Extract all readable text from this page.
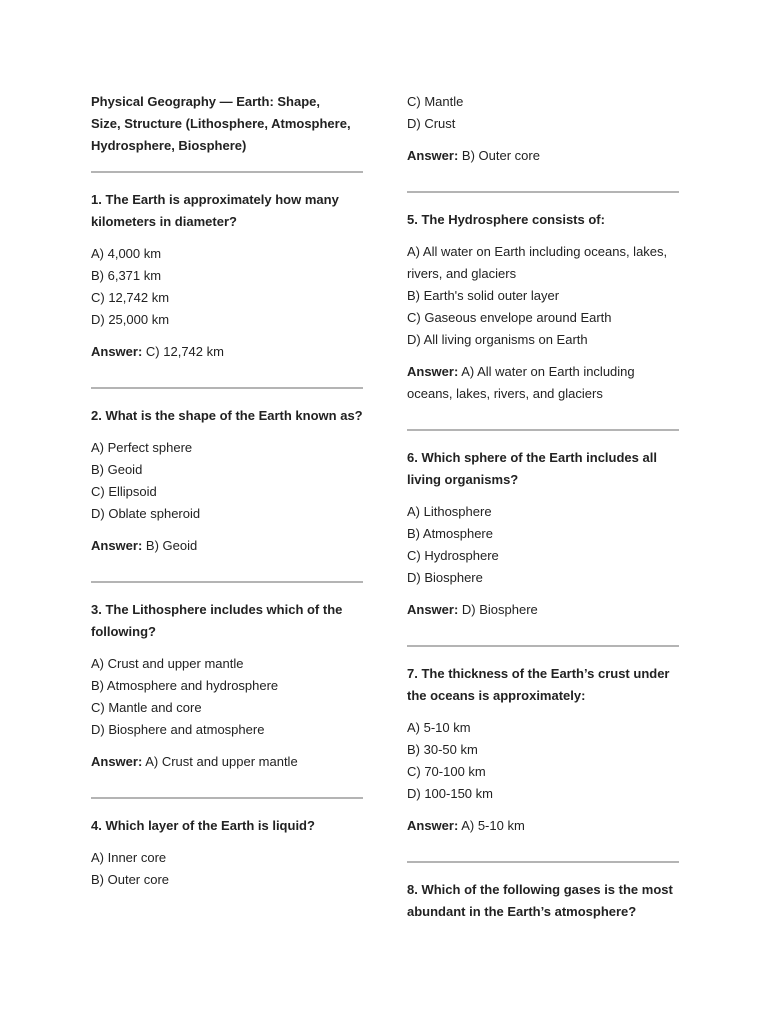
Physical Geography — Earth: Shape, Size, Structure (Lithosphere, Atmosphere, Hydrosphere, Biosphere)

1. The Earth is approximately how many kilometers in diameter?

A) 4,000 km
B) 6,371 km
C) 12,742 km
D) 25,000 km

Answer: C) 12,742 km

2. What is the shape of the Earth known as?

A) Perfect sphere
B) Geoid
C) Ellipsoid
D) Oblate spheroid

Answer: B) Geoid

3. The Lithosphere includes which of the following?

A) Crust and upper mantle
B) Atmosphere and hydrosphere
C) Mantle and core
D) Biosphere and atmosphere

Answer: A) Crust and upper mantle

4. Which layer of the Earth is liquid?

A) Inner core
B) Outer core
C) Mantle
D) Crust

Answer: B) Outer core

5. The Hydrosphere consists of:

A) All water on Earth including oceans, lakes, rivers, and glaciers
B) Earth's solid outer layer
C) Gaseous envelope around Earth
D) All living organisms on Earth

Answer: A) All water on Earth including oceans, lakes, rivers, and glaciers

6. Which sphere of the Earth includes all living organisms?

A) Lithosphere
B) Atmosphere
C) Hydrosphere
D) Biosphere

Answer: D) Biosphere

7. The thickness of the Earth’s crust under the oceans is approximately:

A) 5-10 km
B) 30-50 km
C) 70-100 km
D) 100-150 km

Answer: A) 5-10 km

8. Which of the following gases is the most abundant in the Earth’s atmosphere?
